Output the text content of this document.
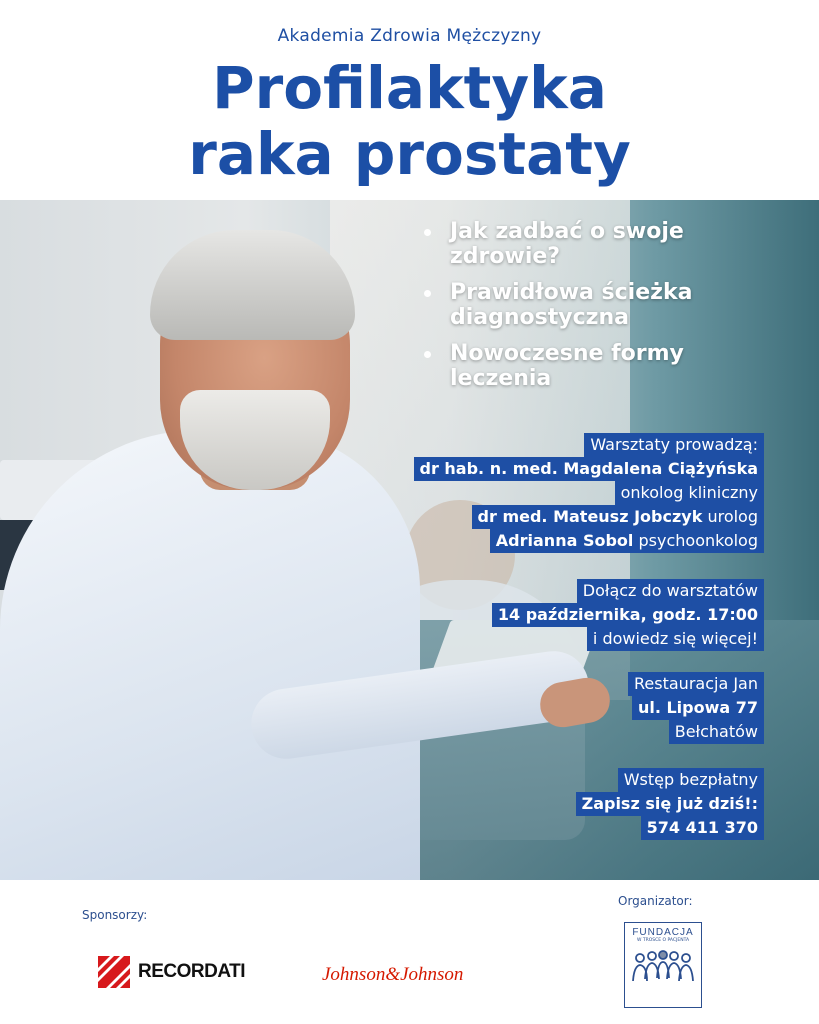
Akademia Zdrowia Mężczyzny
Profilaktyka
raka prostaty
Jak zadbać o swoje
zdrowie?
Prawidłowa ścieżka
diagnostyczna
Nowoczesne formy
leczenia
Warsztaty prowadzą:
dr hab. n. med. Magdalena Ciążyńska
onkolog kliniczny
dr med. Mateusz Jobczyk urolog
Adrianna Sobol psychoonkolog
Dołącz do warsztatów
14 października, godz. 17:00
i dowiedz się więcej!
Restauracja Jan
ul. Lipowa 77
Bełchatów
Wstęp bezpłatny
Zapisz się już dziś!:
574 411 370
Sponsorzy:
RECORDATI	Johnson&Johnson
Organizator:
FUNDACJA
W TROSCE O PACJENTA
